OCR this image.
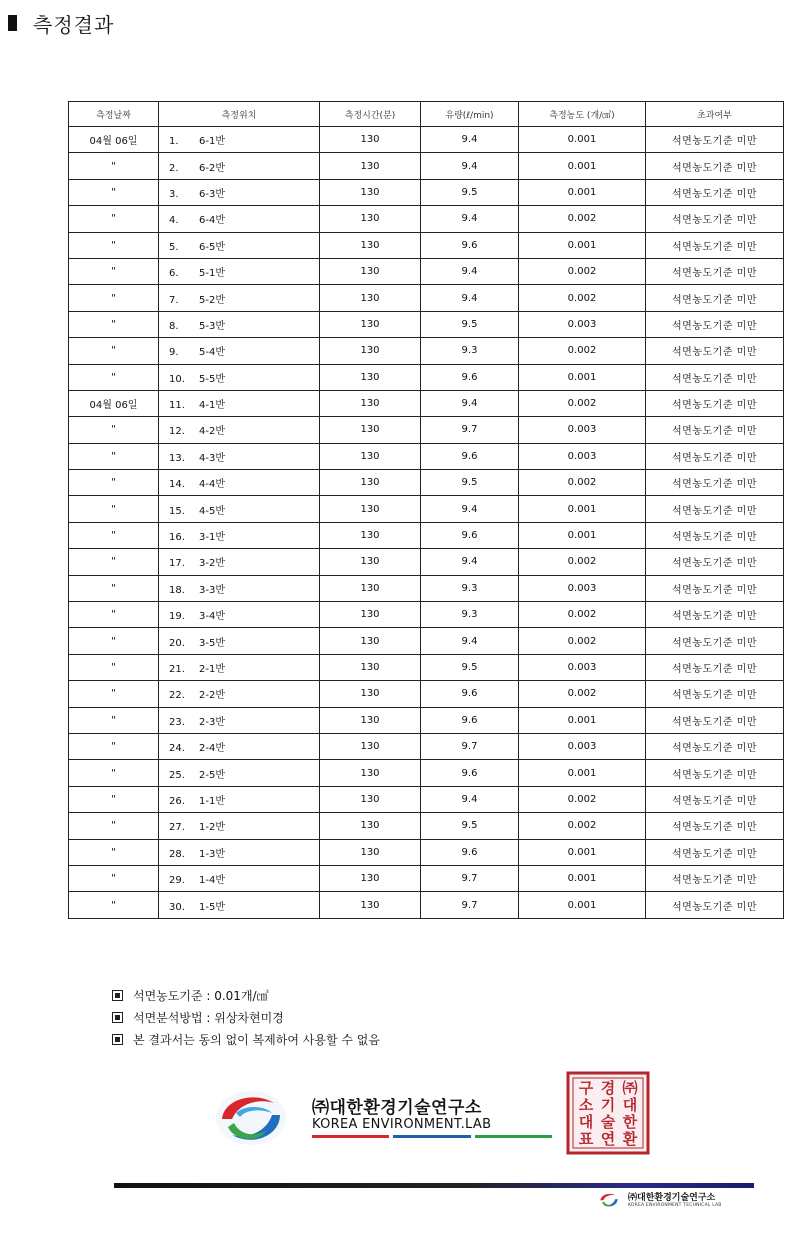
측정결과
측정날짜	측정위치	측정시간(분)	유량(ℓ/min)	측정농도 (개/㎤)	초과여부
04월 06일	1. 6-1반	130	9.4	0.001	석면농도기준 미만
"	2. 6-2반	130	9.4	0.001	석면농도기준 미만
"	3. 6-3반	130	9.5	0.001	석면농도기준 미만
"	4. 6-4반	130	9.4	0.002	석면농도기준 미만
"	5. 6-5반	130	9.6	0.001	석면농도기준 미만
"	6. 5-1반	130	9.4	0.002	석면농도기준 미만
"	7. 5-2반	130	9.4	0.002	석면농도기준 미만
"	8. 5-3반	130	9.5	0.003	석면농도기준 미만
"	9. 5-4반	130	9.3	0.002	석면농도기준 미만
"	10. 5-5반	130	9.6	0.001	석면농도기준 미만
04월 06일	11. 4-1반	130	9.4	0.002	석면농도기준 미만
"	12. 4-2반	130	9.7	0.003	석면농도기준 미만
"	13. 4-3반	130	9.6	0.003	석면농도기준 미만
"	14. 4-4반	130	9.5	0.002	석면농도기준 미만
"	15. 4-5반	130	9.4	0.001	석면농도기준 미만
"	16. 3-1반	130	9.6	0.001	석면농도기준 미만
"	17. 3-2반	130	9.4	0.002	석면농도기준 미만
"	18. 3-3반	130	9.3	0.003	석면농도기준 미만
"	19. 3-4반	130	9.3	0.002	석면농도기준 미만
"	20. 3-5반	130	9.4	0.002	석면농도기준 미만
"	21. 2-1반	130	9.5	0.003	석면농도기준 미만
"	22. 2-2반	130	9.6	0.002	석면농도기준 미만
"	23. 2-3반	130	9.6	0.001	석면농도기준 미만
"	24. 2-4반	130	9.7	0.003	석면농도기준 미만
"	25. 2-5반	130	9.6	0.001	석면농도기준 미만
"	26. 1-1반	130	9.4	0.002	석면농도기준 미만
"	27. 1-2반	130	9.5	0.002	석면농도기준 미만
"	28. 1-3반	130	9.6	0.001	석면농도기준 미만
"	29. 1-4반	130	9.7	0.001	석면농도기준 미만
"	30. 1-5반	130	9.7	0.001	석면농도기준 미만
석면농도기준 : 0.01개/㎤
석면분석방법 : 위상차현미경
본 결과서는 동의 없이 복제하여 사용할 수 없음
㈜대한환경기술연구소
KOREA ENVIRONMENT.LAB
㈜
대
한
환
경
기
술
연
구
소
대
표
㈜대한환경기술연구소
KOREA ENVIRONMENT TECHNICAL LAB
